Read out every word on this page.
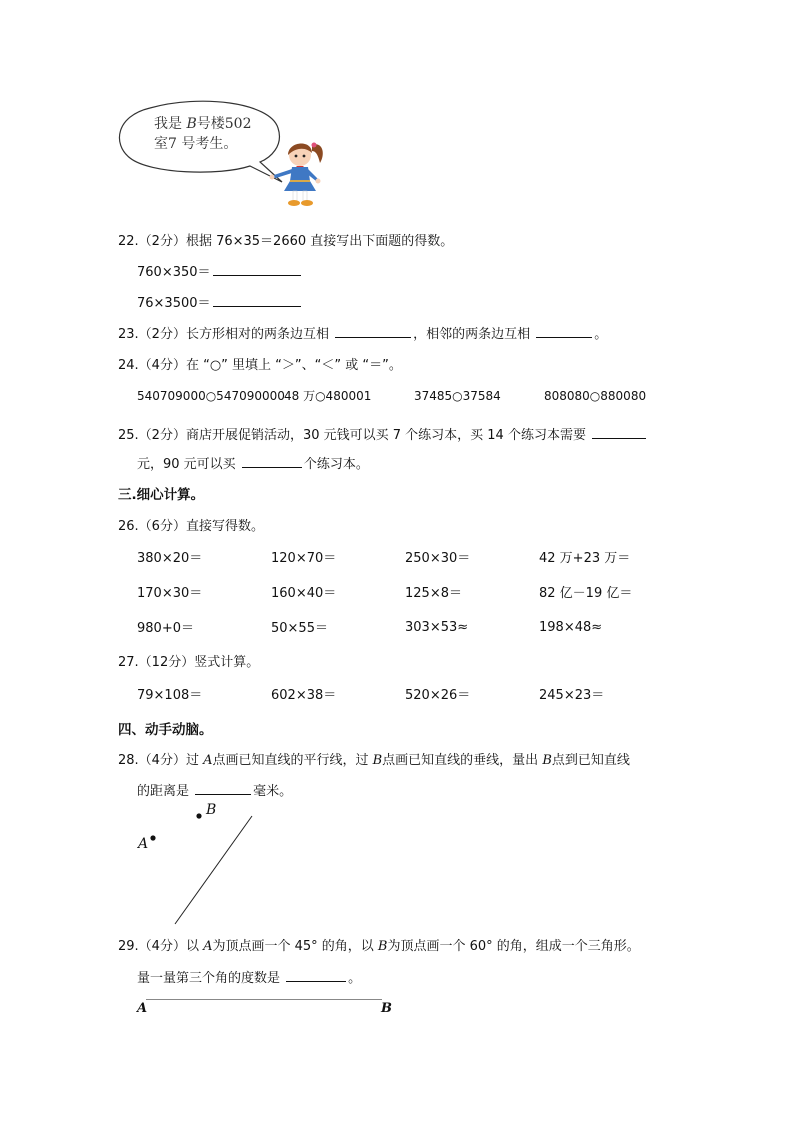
我是 B号楼502
室7 号考生。
22.（2分）根据 76×35＝2660 直接写出下面题的得数。
760×350＝
76×3500＝
23.（2分）长方形相对的两条边互相	，相邻的两条边互相	。
24.（4分）在 “○” 里填上 “＞”、“＜” 或 “＝”。
540709000○547090000 48 万○480001	37485○37584	808080○880080
25.（2分）商店开展促销活动，30 元钱可以买 7 个练习本，买 14 个练习本需要
元，90 元可以买	个练习本。
三.细心计算。
26.（6分）直接写得数。
380×20＝	120×70＝	250×30＝	42 万+23 万＝
170×30＝	160×40＝	125×8＝	82 亿－19 亿＝
980+0＝	50×55＝	303×53≈	198×48≈
27.（12分）竖式计算。
79×108＝	602×38＝	520×26＝	245×23＝
四、动手动脑。
28.（4分）过 A点画已知直线的平行线，过 B点画已知直线的垂线，量出 B点到已知直线
的距离是	毫米。
B
A
29.（4分）以 A为顶点画一个 45° 的角，以 B为顶点画一个 60° 的角，组成一个三角形。
量一量第三个角的度数是	。
A	B
